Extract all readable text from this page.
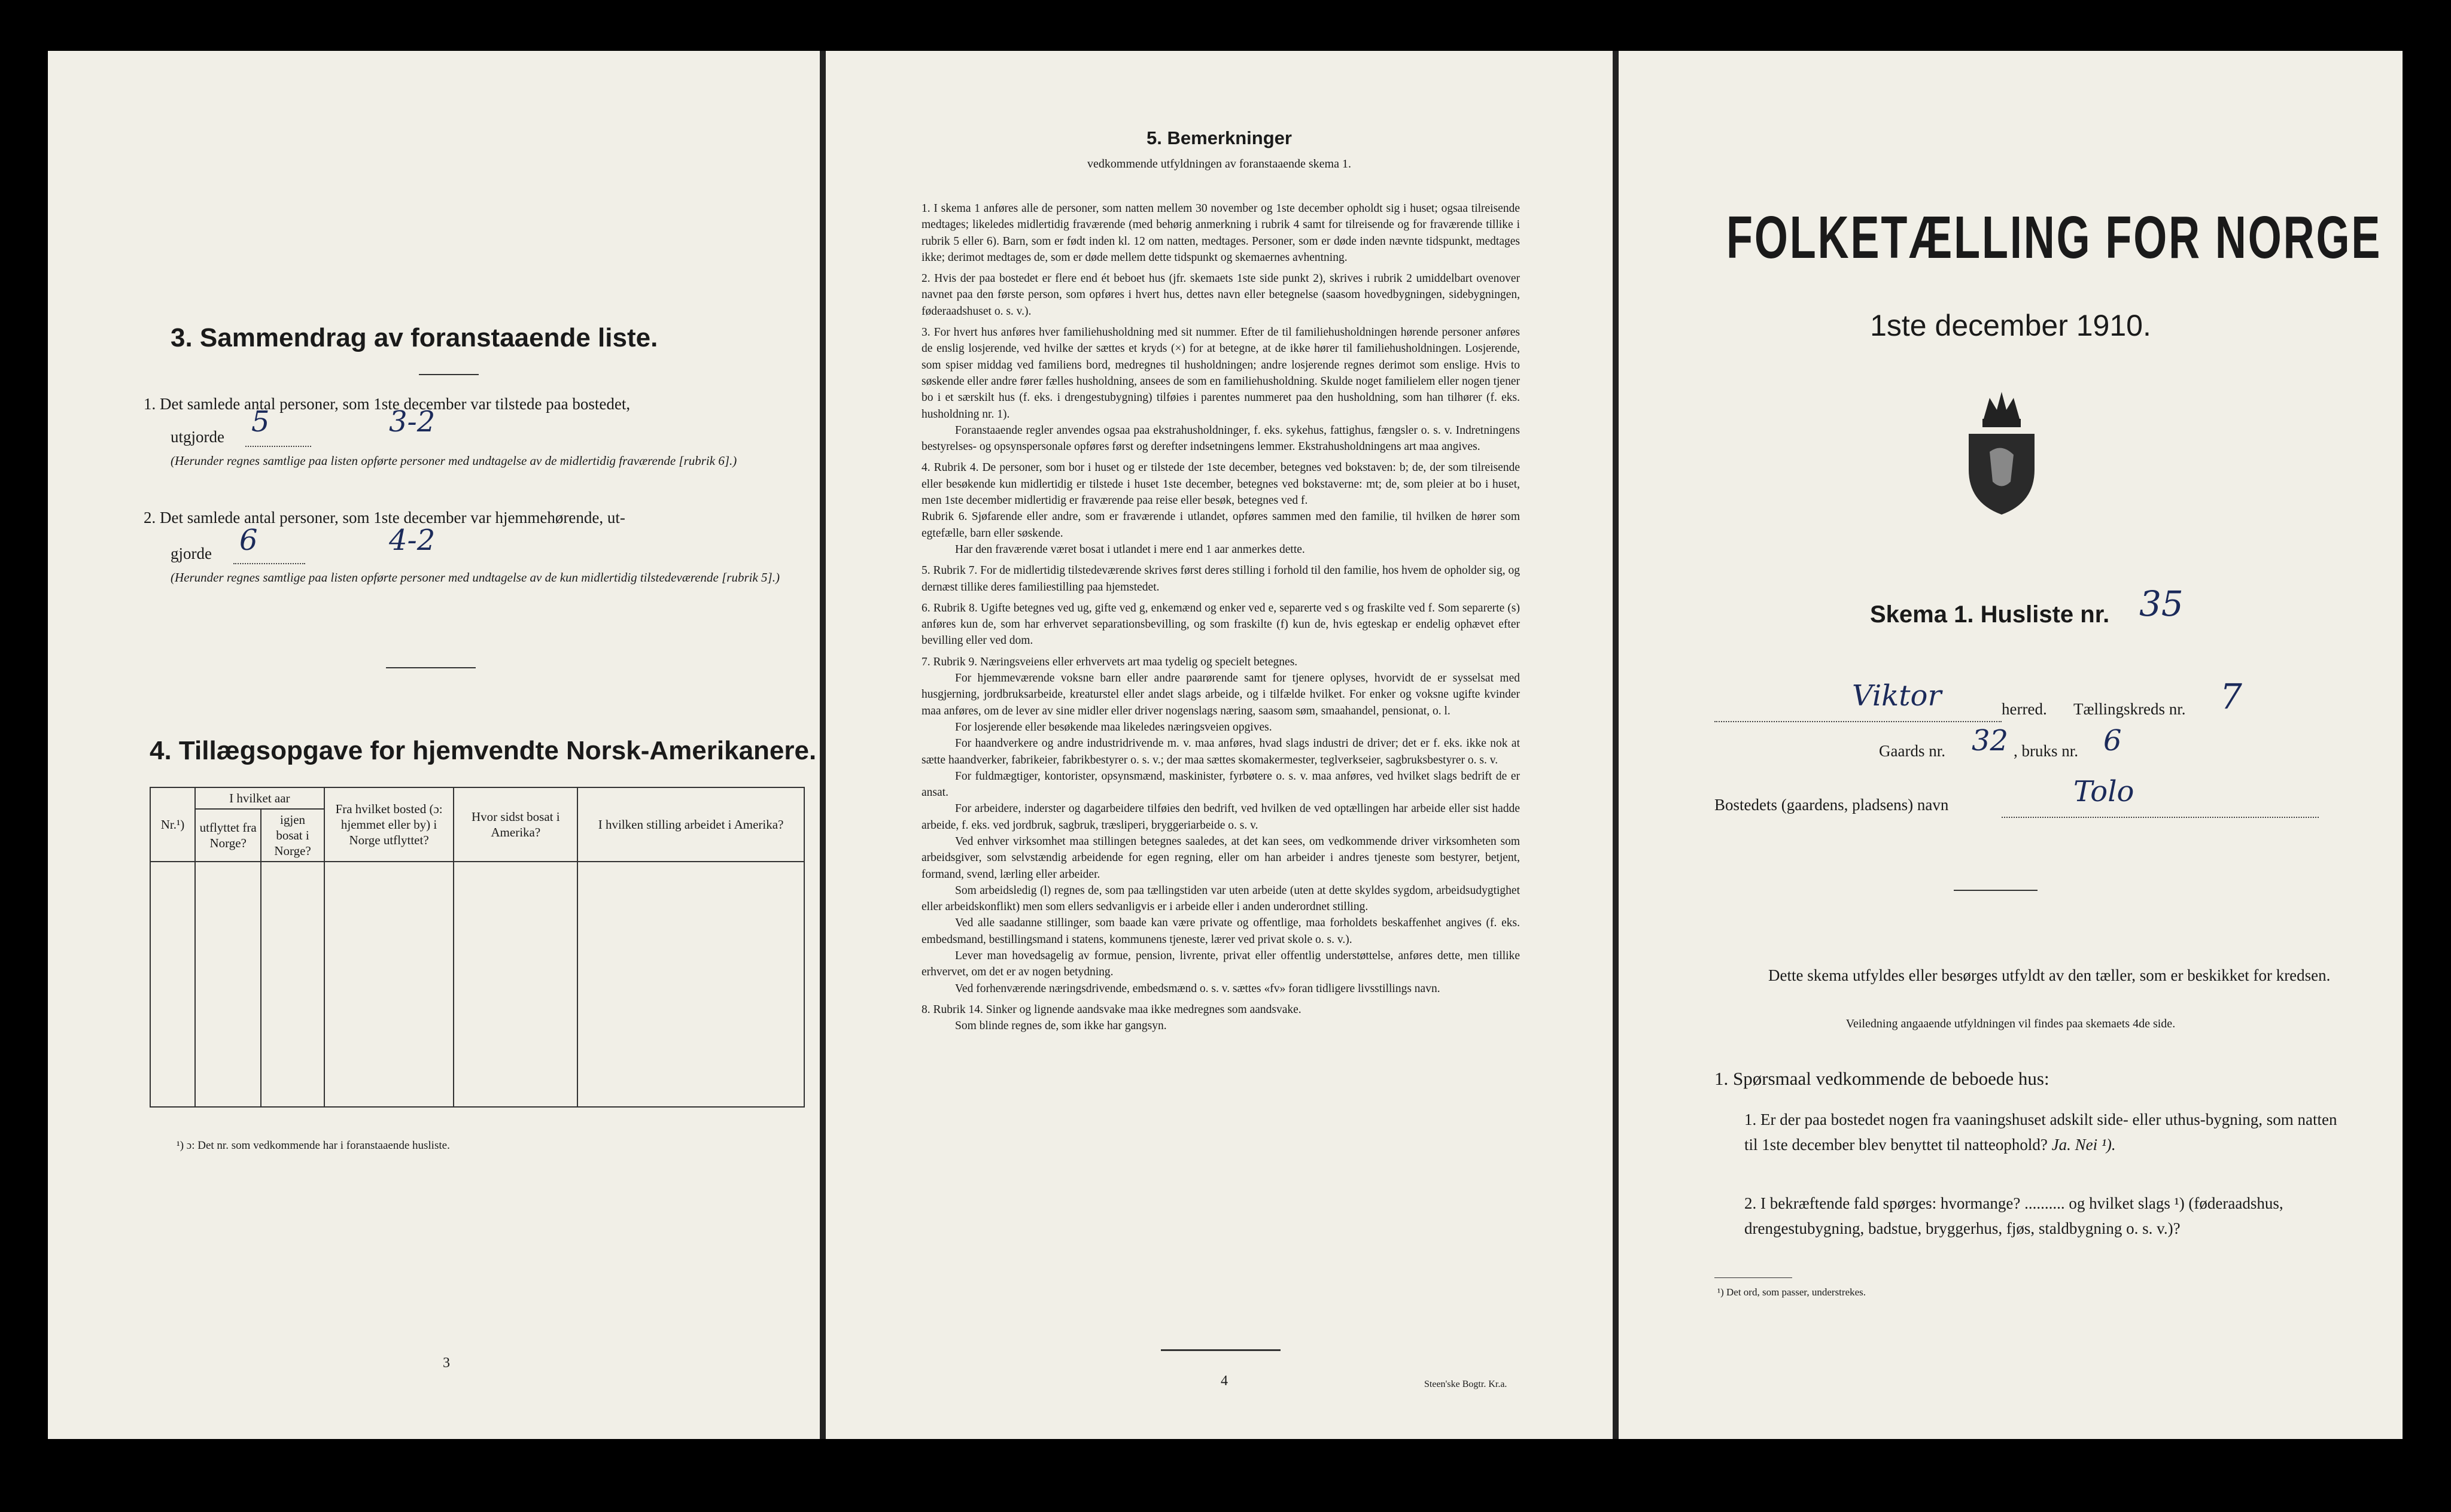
3. Sammendrag av foranstaaende liste.
1. Det samlede antal personer, som 1ste december var tilstede paa bostedet,
utgjorde 5	3-2
(Herunder regnes samtlige paa listen opførte personer med undtagelse av de midlertidig fraværende [rubrik 6].)
2. Det samlede antal personer, som 1ste december var hjemmehørende, ut-
gjorde 6	4-2
(Herunder regnes samtlige paa listen opførte personer med undtagelse av de kun midlertidig tilstedeværende [rubrik 5].)
4. Tillægsopgave for hjemvendte Norsk-Amerikanere.
Nr.¹)	I hvilket aar		Fra hvilket bosted (ɔ: hjemmet eller by) i Norge utflyttet?	Hvor sidst bosat i Amerika?	I hvilken stilling arbeidet i Amerika?
	utflyttet fra Norge?	igjen bosat i Norge?			

¹) ɔ: Det nr. som vedkommende har i foranstaaende husliste.
3
5. Bemerkninger
vedkommende utfyldningen av foranstaaende skema 1.

1. I skema 1 anføres alle de personer, som natten mellem 30 november og 1ste december opholdt sig i huset; ogsaa tilreisende medtages; likeledes midlertidig fraværende (med behørig anmerkning i rubrik 4 samt for tilreisende og for fraværende tillike i rubrik 5 eller 6). Barn, som er født inden kl. 12 om natten, medtages. Personer, som er døde inden nævnte tidspunkt, medtages ikke; derimot medtages de, som er døde mellem dette tidspunkt og skemaernes avhentning.

2. Hvis der paa bostedet er flere end ét beboet hus (jfr. skemaets 1ste side punkt 2), skrives i rubrik 2 umiddelbart ovenover navnet paa den første person, som opføres i hvert hus, dettes navn eller betegnelse (saasom hovedbygningen, sidebygningen, føderaadshuset o. s. v.).

3. For hvert hus anføres hver familiehusholdning med sit nummer. Efter de til familiehusholdningen hørende personer anføres de enslig losjerende, ved hvilke der sættes et kryds (×) for at betegne, at de ikke hører til familiehusholdningen. Losjerende, som spiser middag ved familiens bord, medregnes til husholdningen; andre losjerende regnes derimot som enslige. Hvis to søskende eller andre fører fælles husholdning, ansees de som en familiehusholdning. Skulde noget familielem eller nogen tjener bo i et særskilt hus (f. eks. i drengestubygning) tilføies i parentes nummeret paa den husholdning, som han tilhører (f. eks. husholdning nr. 1).

Foranstaaende regler anvendes ogsaa paa ekstrahusholdninger, f. eks. sykehus, fattighus, fængsler o. s. v. Indretningens bestyrelses- og opsynspersonale opføres først og derefter indsetningens lemmer. Ekstrahusholdningens art maa angives.

4. Rubrik 4. De personer, som bor i huset og er tilstede der 1ste december, betegnes ved bokstaven: b; de, der som tilreisende eller besøkende kun midlertidig er tilstede i huset 1ste december, betegnes ved bokstaverne: mt; de, som pleier at bo i huset, men 1ste december midlertidig er fraværende paa reise eller besøk, betegnes ved f.

Rubrik 6. Sjøfarende eller andre, som er fraværende i utlandet, opføres sammen med den familie, til hvilken de hører som egtefælle, barn eller søskende.

Har den fraværende været bosat i utlandet i mere end 1 aar anmerkes dette.

5. Rubrik 7. For de midlertidig tilstedeværende skrives først deres stilling i forhold til den familie, hos hvem de opholder sig, og dernæst tillike deres familiestilling paa hjemstedet.

6. Rubrik 8. Ugifte betegnes ved ug, gifte ved g, enkemænd og enker ved e, separerte ved s og fraskilte ved f. Som separerte (s) anføres kun de, som har erhvervet separationsbevilling, og som fraskilte (f) kun de, hvis egteskap er endelig ophævet efter bevilling eller ved dom.

7. Rubrik 9. Næringsveiens eller erhvervets art maa tydelig og specielt betegnes.

For hjemmeværende voksne barn eller andre paarørende samt for tjenere oplyses, hvorvidt de er sysselsat med husgjerning, jordbruksarbeide, kreaturstel eller andet slags arbeide, og i tilfælde hvilket. For enker og voksne ugifte kvinder maa anføres, om de lever av sine midler eller driver nogenslags næring, saasom søm, smaahandel, pensionat, o. l.

For losjerende eller besøkende maa likeledes næringsveien opgives.

For haandverkere og andre industridrivende m. v. maa anføres, hvad slags industri de driver; det er f. eks. ikke nok at sætte haandverker, fabrikeier, fabrikbestyrer o. s. v.; der maa sættes skomakermester, teglverkseier, sagbruksbestyrer o. s. v.

For fuldmægtiger, kontorister, opsynsmænd, maskinister, fyrbøtere o. s. v. maa anføres, ved hvilket slags bedrift de er ansat.

For arbeidere, inderster og dagarbeidere tilføies den bedrift, ved hvilken de ved optællingen har arbeide eller sist hadde arbeide, f. eks. ved jordbruk, sagbruk, træsliperi, bryggeriarbeide o. s. v.

Ved enhver virksomhet maa stillingen betegnes saaledes, at det kan sees, om vedkommende driver virksomheten som arbeidsgiver, som selvstændig arbeidende for egen regning, eller om han arbeider i andres tjeneste som bestyrer, betjent, formand, svend, lærling eller arbeider.

Som arbeidsledig (l) regnes de, som paa tællingstiden var uten arbeide (uten at dette skyldes sygdom, arbeidsudygtighet eller arbeidskonflikt) men som ellers sedvanligvis er i arbeide eller i anden underordnet stilling.

Ved alle saadanne stillinger, som baade kan være private og offentlige, maa forholdets beskaffenhet angives (f. eks. embedsmand, bestillingsmand i statens, kommunens tjeneste, lærer ved privat skole o. s. v.).

Lever man hovedsagelig av formue, pension, livrente, privat eller offentlig understøttelse, anføres dette, men tillike erhvervet, om det er av nogen betydning.

Ved forhenværende næringsdrivende, embedsmænd o. s. v. sættes «fv» foran tidligere livsstillings navn.

8. Rubrik 14. Sinker og lignende aandsvake maa ikke medregnes som aandsvake.

Som blinde regnes de, som ikke har gangsyn.

4	Steen'ske Bogtr. Kr.a.
FOLKETÆLLING FOR NORGE
1ste december 1910.
Skema 1. Husliste nr. 35
Viktor	herred. Tællingskreds nr. 7
Gaards nr. 32 , bruks nr. 6
Bostedets (gaardens, pladsens) navn	Tolo
Dette skema utfyldes eller besørges utfyldt av den tæller, som er beskikket for kredsen.
Veiledning angaaende utfyldningen vil findes paa skemaets 4de side.
1. Spørsmaal vedkommende de beboede hus:
1. Er der paa bostedet nogen fra vaaningshuset adskilt side- eller uthus-bygning, som natten til 1ste december blev benyttet til natteophold? Ja. Nei ¹).
2. I bekræftende fald spørges: hvormange? .......... og hvilket slags ¹) (føderaadshus, drengestubygning, badstue, bryggerhus, fjøs, staldbygning o. s. v.)?
¹) Det ord, som passer, understrekes.
